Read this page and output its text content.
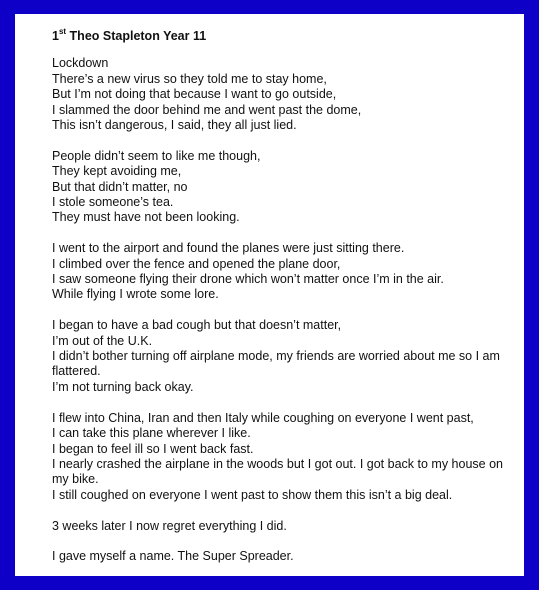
1st Theo Stapleton Year 11
Lockdown
There’s a new virus so they told me to stay home,
But I’m not doing that because I want to go outside,
I slammed the door behind me and went past the dome,
This isn’t dangerous, I said, they all just lied.
People didn’t seem to like me though,
They kept avoiding me,
But that didn’t matter, no
I stole someone’s tea.
They must have not been looking.
I went to the airport and found the planes were just sitting there.
I climbed over the fence and opened the plane door,
I saw someone flying their drone which won’t matter once I’m in the air.
While flying I wrote some lore.
I began to have a bad cough but that doesn’t matter,
I’m out of the U.K.
I didn’t bother turning off airplane mode, my friends are worried about me so I am flattered.
I’m not turning back okay.
I flew into China, Iran and then Italy while coughing on everyone I went past,
I can take this plane wherever I like.
I began to feel ill so I went back fast.
I nearly crashed the airplane in the woods but I got out. I got back to my house on my bike.
I still coughed on everyone I went past to show them this isn’t a big deal.
3 weeks later I now regret everything I did.
I gave myself a name. The Super Spreader.
